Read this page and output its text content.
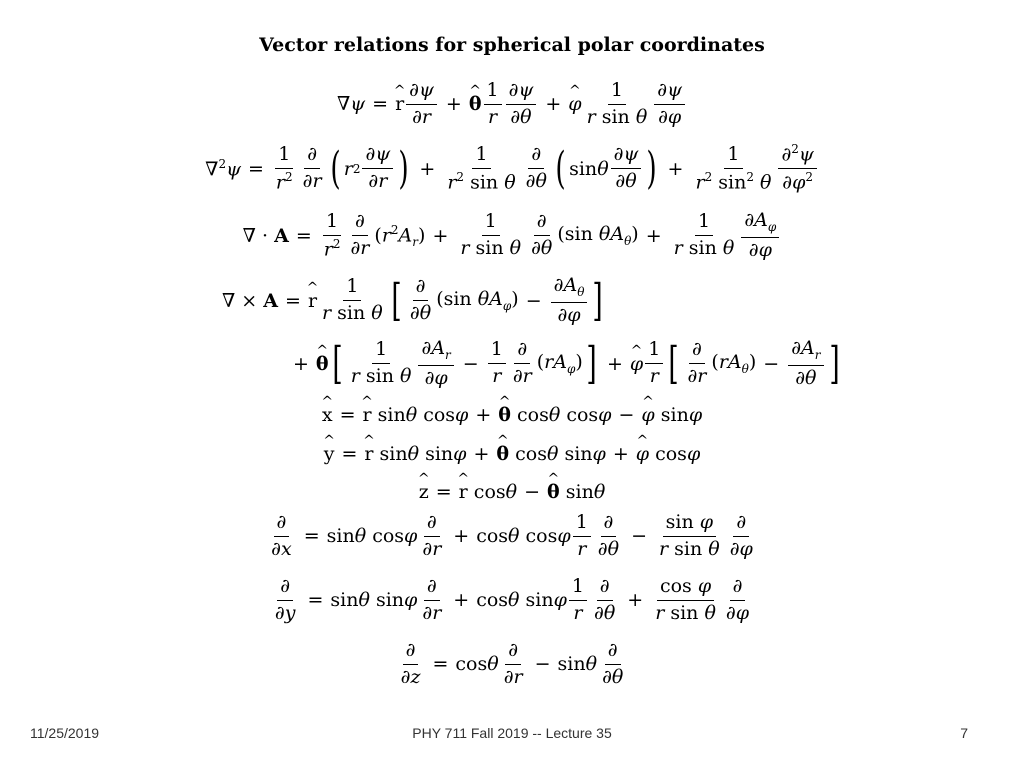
Vector relations for spherical polar coordinates
∇ψ = ^ r $\frac{\partial\psi}{\partial r}$ + ^ θ $\frac{1}{r} \frac{\partial\psi}{\partial\theta}$ + ^ φ $\frac{1}{\text{r sin θ}} \frac{\partial\psi}{\partial\varphi}$
$\nabla^2\psi = \frac{1}{r^2} \frac{\partial}{\partial r}$ ( r $2 \frac{\partial\psi}{\partial r}$ ) + $\frac{1}{r^2 \sin \theta} \frac{\partial}{\partial\theta}$ ( sin θ $\frac{\partial\psi}{\partial\theta}$ ) + $\frac{1}{r^2 \sin^2 \theta} \frac{\partial^2\psi}{\partial\varphi^2}$
∇ · $A = \frac{1}{r^2} \frac{\partial}{\partial r} (r^2A_r) + \frac{1}{\text{r sin θ}} \frac{\partial}{\partial\theta} (\sin$ $\theta A_\theta) + \frac{1}{\text{r sin θ}} \frac{\partial A_\varphi}{\partial\varphi}$
∇ × A = ^ r $\frac{1}{\text{r sin θ}}$ [ $\frac{\partial}{\partial\theta} (\sin$ $\theta A_\varphi) - \frac{\partial A_\theta}{\partial\varphi}$ ]
+ ^ θ [ $\frac{1}{\text{r sin θ}} \frac{\partial A_r}{\partial\varphi} - \frac{1}{r} \frac{\partial}{\partial r} (rA_\varphi)$ ] + ^ φ $\frac{1}{r}$ [ $\frac{\partial}{\partial r} (rA_\theta) - \frac{\partial A_r}{\partial\theta}$ ]
^ x = ^ r sin θ cos φ + ^ θ cos θ cos φ − ^ φ sin φ
^ y = ^ r sin θ sin φ + ^ θ cos θ sin φ + ^ φ cos φ
^ z = ^ r cos θ − ^ θ sin θ
$\frac{\partial}{\partial x} = \sin \theta$ cos φ $\frac{\partial}{\partial r} + \cos \theta$ cos φ $\frac{1}{r} \frac{\partial}{\partial\theta} - \frac{\text{sin φ}}{\text{r sin θ}} \frac{\partial}{\partial\varphi}$
$\frac{\partial}{\partial y} = \sin \theta$ sin φ $\frac{\partial}{\partial r} + \cos \theta$ sin φ $\frac{1}{r} \frac{\partial}{\partial\theta} + \frac{\text{cos φ}}{\text{r sin θ}} \frac{\partial}{\partial\varphi}$
$\frac{\partial}{\partial z} = \cos \theta \frac{\partial}{\partial r} - \sin \theta \frac{\partial}{\partial\theta}$
11/25/2019	PHY 711 Fall 2019 -- Lecture 35	7
